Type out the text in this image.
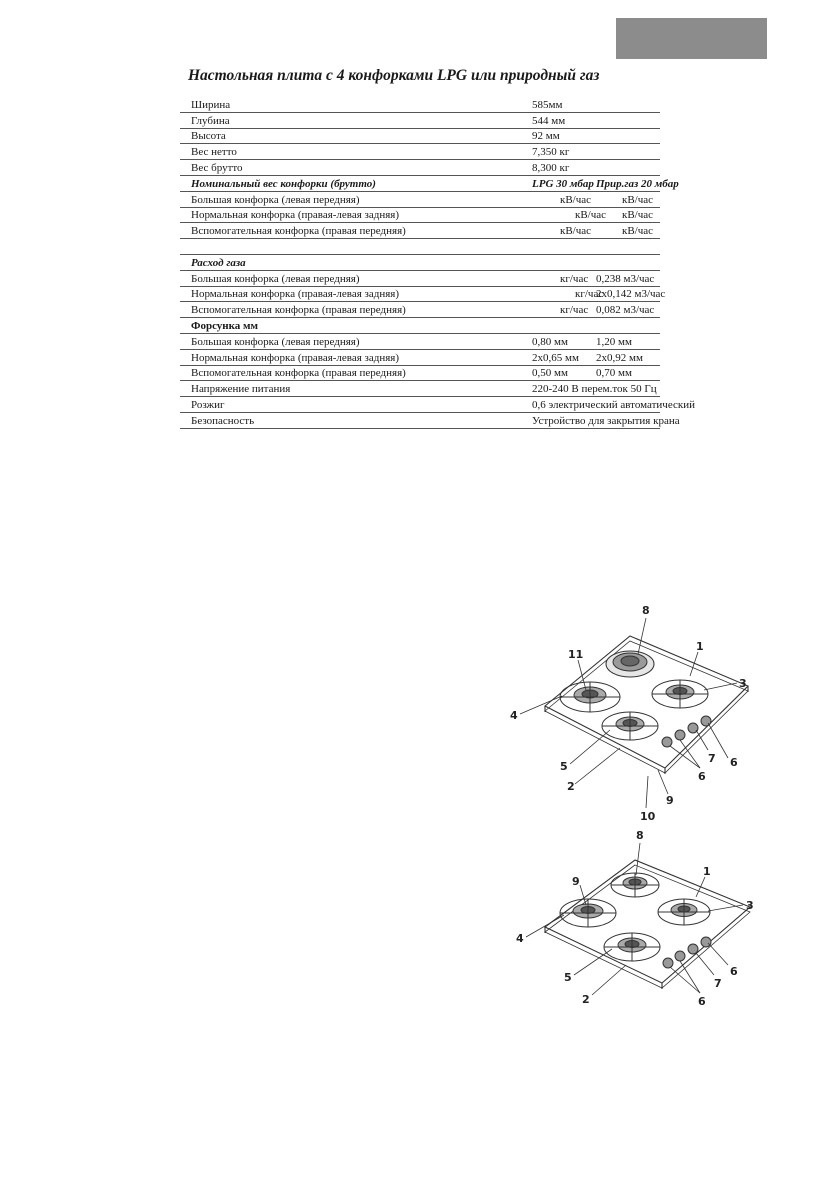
Настольная плита с 4 конфорками LPG или природный газ
Ширина	585мм	
Глубина	544 мм	
Высота	92 мм	
Вес нетто	7,350 кг	
Вес брутто	8,300 кг	
Номинальный вес конфорки (брутто)	LPG 30 мбар	Прир.газ 20 мбар
Большая конфорка (левая передняя)	кВ/час	кВ/час
Нормальная конфорка (правая-левая задняя)	кВ/час	кВ/час
Вспомогательная конфорка (правая передняя)	кВ/час	кВ/час

Расход газа		
Большая конфорка (левая передняя)	кг/час	0,238 м3/час
Нормальная конфорка (правая-левая задняя)	кг/час	2x0,142 м3/час
Вспомогательная конфорка (правая передняя)	кг/час	0,082 м3/час
Форсунка мм		
Большая конфорка (левая передняя)	0,80 мм	1,20 мм
Нормальная конфорка (правая-левая задняя)	2x0,65 мм	2x0,92 мм
Вспомогательная конфорка (правая передняя)	0,50 мм	0,70 мм
Напряжение питания	220-240 В перем.ток 50 Гц	
Розжиг	0,6 электрический автоматический	
Безопасность	Устройство для закрытия крана	
8
1
11
3
4
5
7 6
2
6
9
10
8
1
9
3
4
5	6
2
7
6
